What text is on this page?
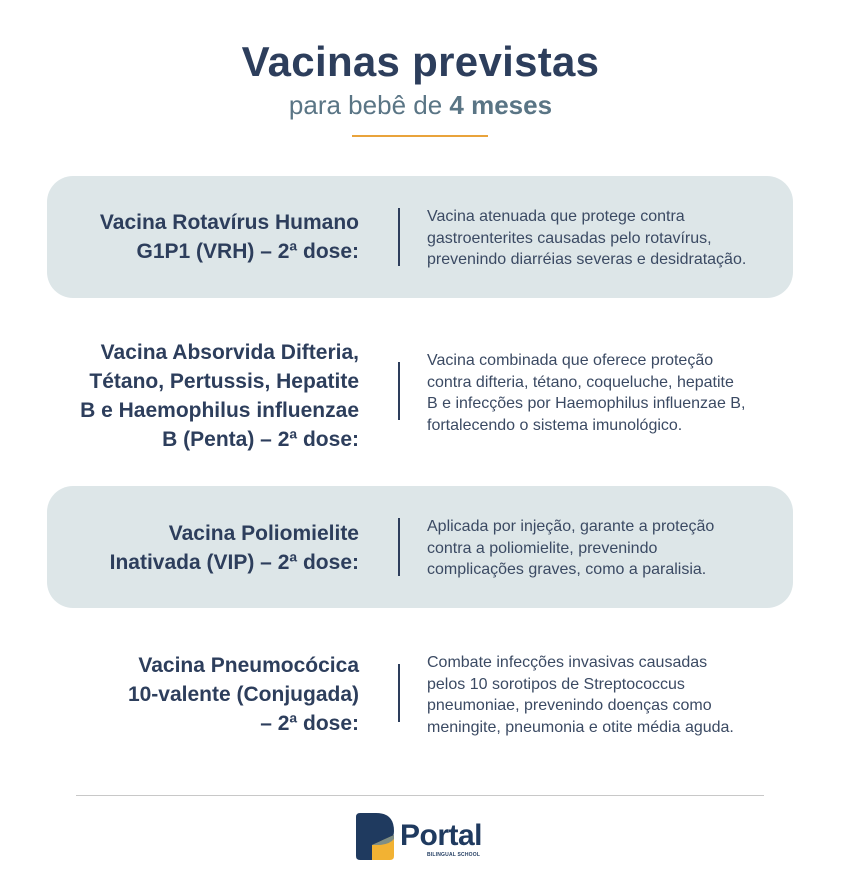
Vacinas previstas
para bebê de 4 meses
Vacina Rotavírus Humano
G1P1 (VRH) – 2ª dose:
Vacina atenuada que protege contra
gastroenterites causadas pelo rotavírus,
prevenindo diarréias severas e desidratação.
Vacina Absorvida Difteria,
Tétano, Pertussis, Hepatite
B e Haemophilus influenzae
B (Penta) – 2ª dose:
Vacina combinada que oferece proteção
contra difteria, tétano, coqueluche, hepatite
B e infecções por Haemophilus influenzae B,
fortalecendo o sistema imunológico.
Vacina Poliomielite
Inativada (VIP) – 2ª dose:
Aplicada por injeção, garante a proteção
contra a poliomielite, prevenindo
complicações graves, como a paralisia.
Vacina Pneumocócica
10-valente (Conjugada)
– 2ª dose:
Combate infecções invasivas causadas
pelos 10 sorotipos de Streptococcus
pneumoniae, prevenindo doenças como
meningite, pneumonia e otite média aguda.
Portal
BILINGUAL SCHOOL
